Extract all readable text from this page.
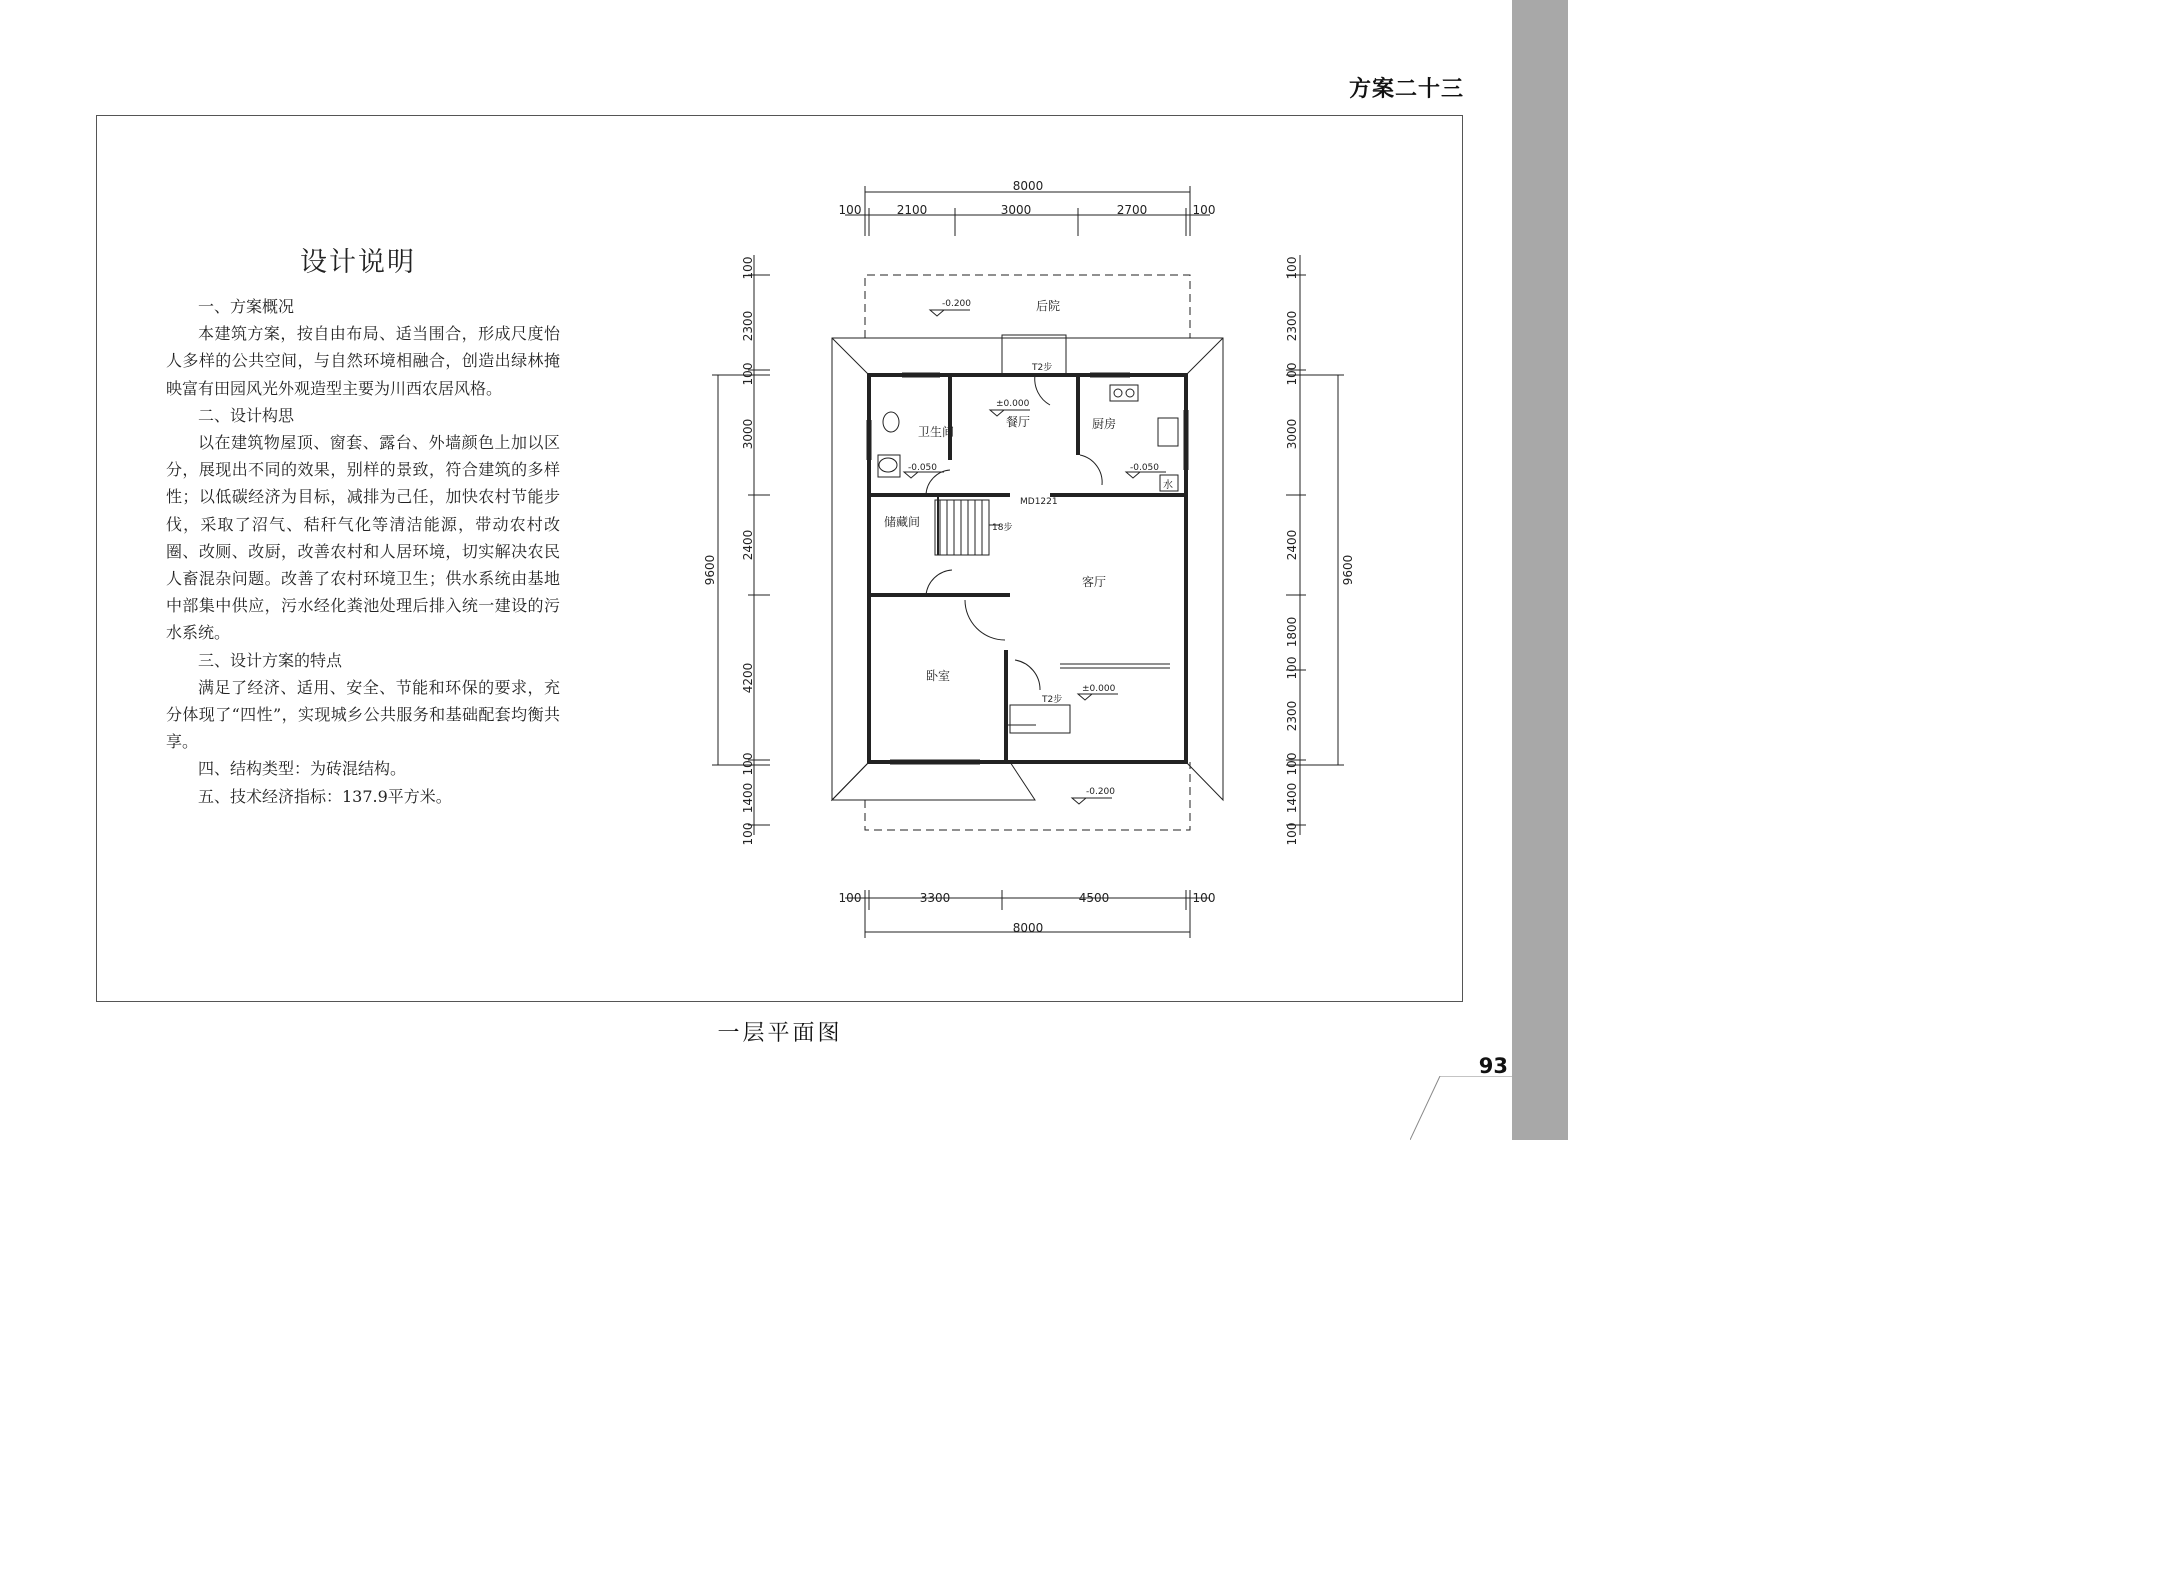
方案二十三
设计说明

一、方案概况

本建筑方案，按自由布局、适当围合，形成尺度怡人多样的公共空间，与自然环境相融合，创造出绿林掩映富有田园风光外观造型主要为川西农居风格。

二、设计构思

以在建筑物屋顶、窗套、露台、外墙颜色上加以区分，展现出不同的效果，别样的景致，符合建筑的多样性；以低碳经济为目标，减排为己任，加快农村节能步伐，采取了沼气、秸秆气化等清洁能源，带动农村改圈、改厕、改厨，改善农村和人居环境，切实解决农民人畜混杂问题。改善了农村环境卫生；供水系统由基地中部集中供应，污水经化粪池处理后排入统一建设的污水系统。

三、设计方案的特点

满足了经济、适用、安全、节能和环保的要求，充分体现了“四性”，实现城乡公共服务和基础配套均衡共享。

四、结构类型：为砖混结构。

五、技术经济指标：137.9平方米。

8000
100	2100	3000	2700	100
100	3300	4500	100
8000
9600
100
2300
100
3000
2400
4200
100
1400
100
100
2300
100
3000
2400
1800
100
2300
100
1400
100
9600
后院
卫生间
餐厅	厨房
储藏间
客厅
卧室
水
-0.200
±0.000
-0.050	-0.050
±0.000
-0.200
MD1221
18步
T2步
T2步
一层平面图
93
